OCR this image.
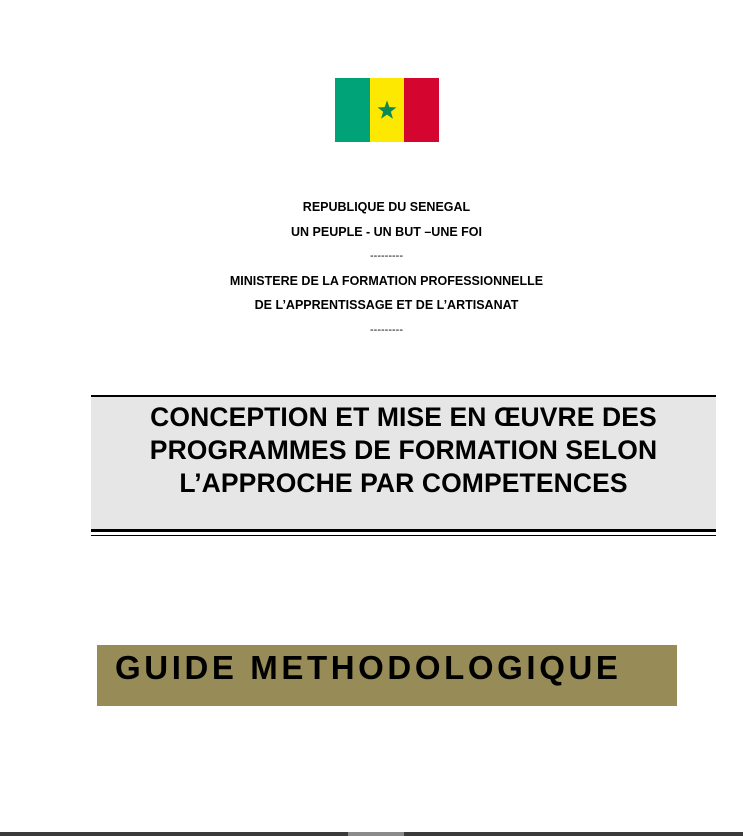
REPUBLIQUE DU SENEGAL
UN PEUPLE - UN BUT –UNE FOI
---------
MINISTERE DE LA FORMATION PROFESSIONNELLE
DE L’APPRENTISSAGE ET DE L’ARTISANAT
---------
CONCEPTION ET MISE EN ŒUVRE DES
PROGRAMMES DE FORMATION SELON
L’APPROCHE PAR COMPETENCES
GUIDE METHODOLOGIQUE
